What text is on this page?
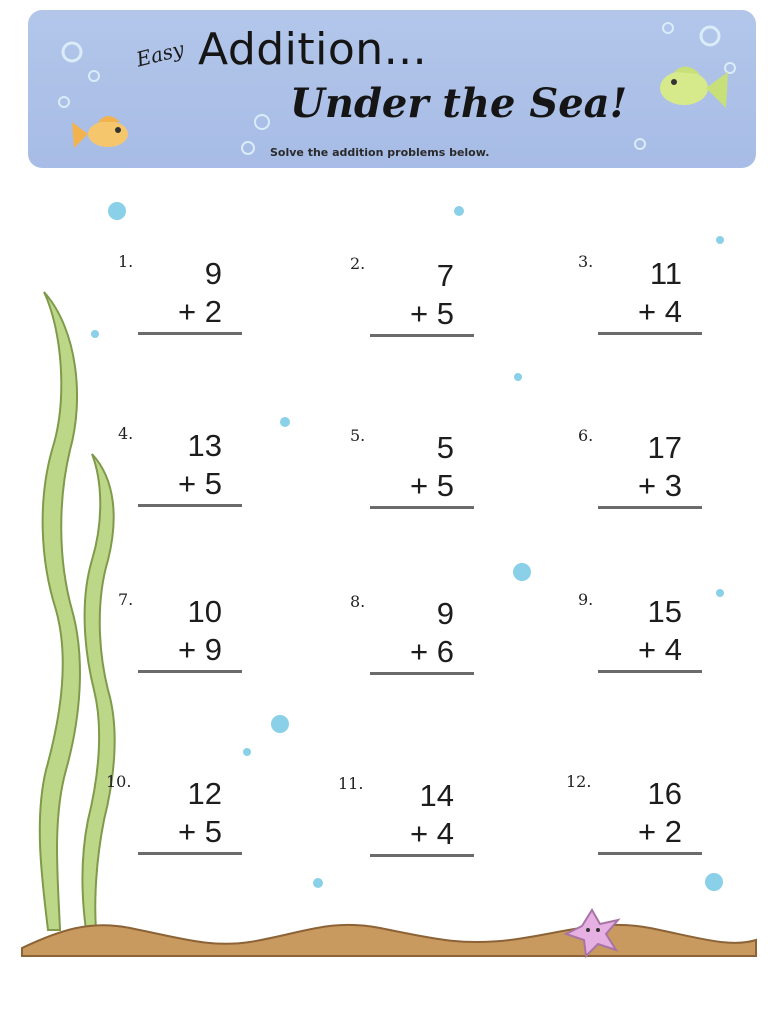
Easy Addition...
Under the Sea!
Solve the addition problems below.
1. 9
+ 2
2. 7
+ 5
3. 11
+ 4
4. 13
+ 5
5. 5
+ 5
6. 17
+ 3
7. 10
+ 9
8. 9
+ 6
9. 15
+ 4
10. 12
+ 5
11. 14
+ 4
12. 16
+ 2
